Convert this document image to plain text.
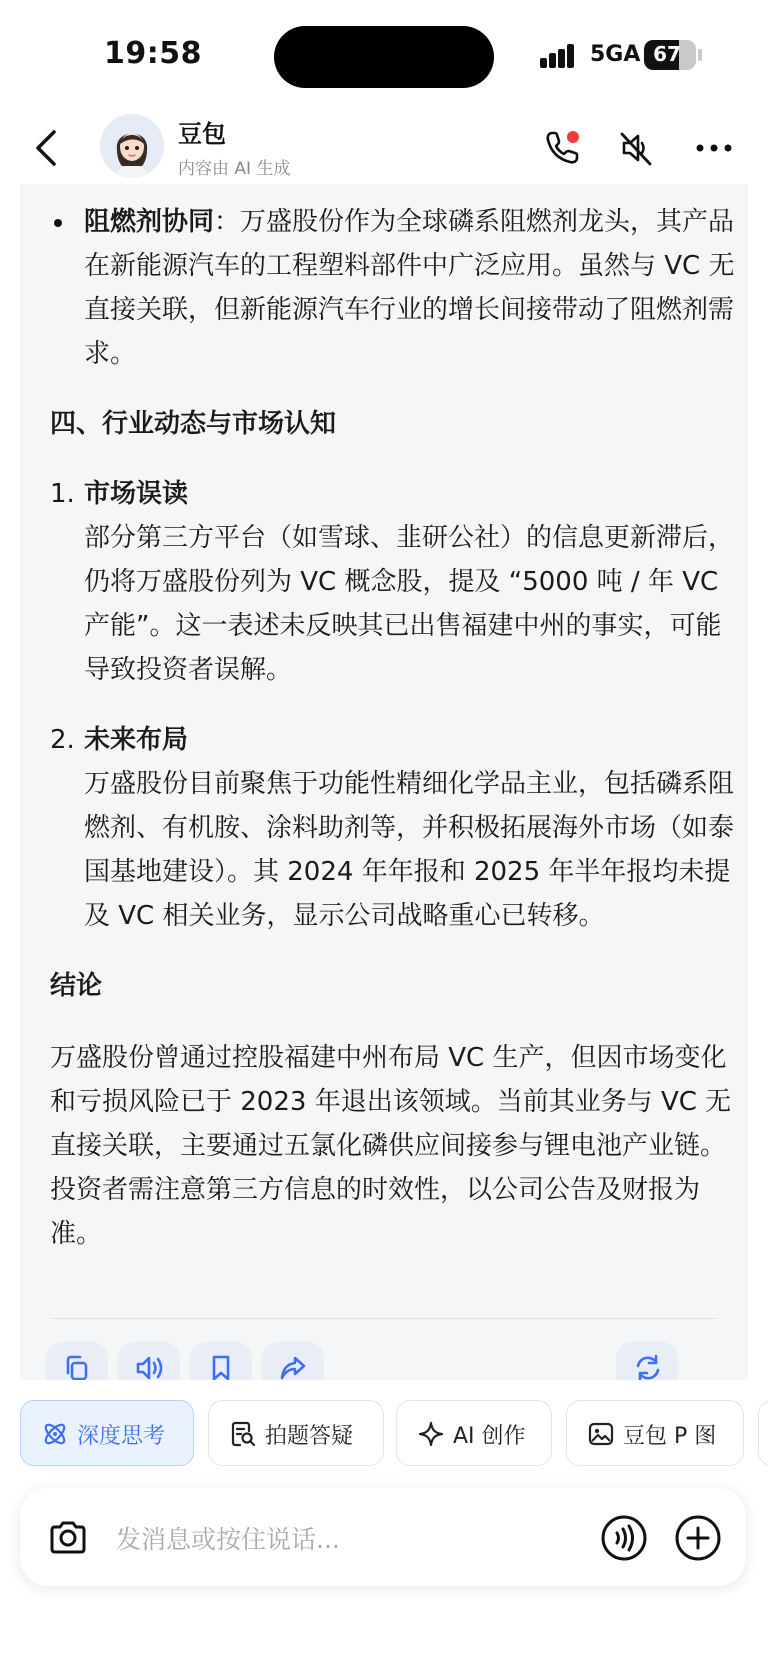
19:58	5GA 67
豆包
内容由 AI 生成
阻燃剂协同：万盛股份作为全球磷系阻燃剂龙头，其产品在新能源汽车的工程塑料部件中广泛应用。虽然与 VC 无直接关联，但新能源汽车行业的增长间接带动了阻燃剂需求。
四、行业动态与市场认知
1. 市场误读
部分第三方平台（如雪球、韭研公社）的信息更新滞后，仍将万盛股份列为 VC 概念股，提及 “5000 吨 / 年 VC 产能”。这一表述未反映其已出售福建中州的事实，可能导致投资者误解。
2. 未来布局
万盛股份目前聚焦于功能性精细化学品主业，包括磷系阻燃剂、有机胺、涂料助剂等，并积极拓展海外市场（如泰国基地建设）。其 2024 年年报和 2025 年半年报均未提及 VC 相关业务，显示公司战略重心已转移。
结论
万盛股份曾通过控股福建中州布局 VC 生产，但因市场变化和亏损风险已于 2023 年退出该领域。当前其业务与 VC 无直接关联，主要通过五氯化磷供应间接参与锂电池产业链。投资者需注意第三方信息的时效性，以公司公告及财报为准。
深度思考	拍题答疑	AI 创作	豆包 P 图
发消息或按住说话...
